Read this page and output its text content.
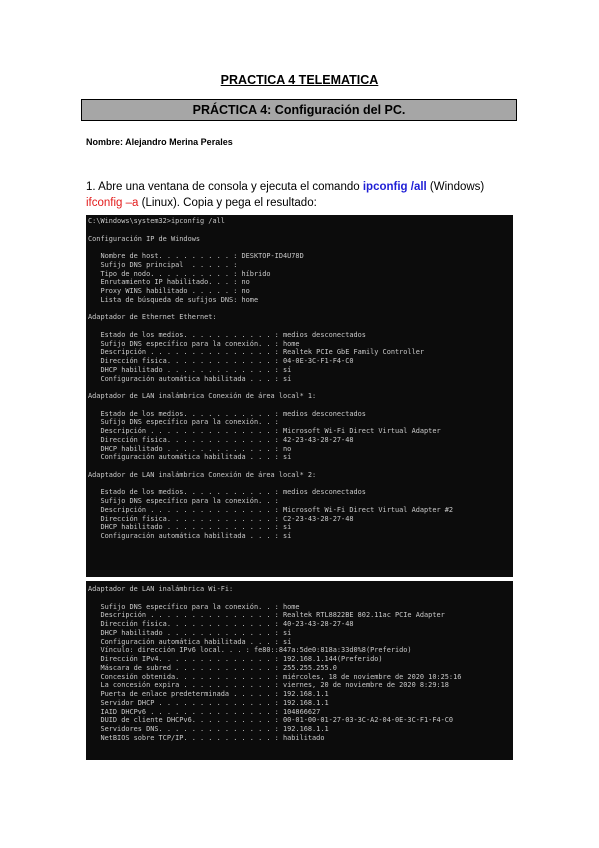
PRACTICA 4 TELEMATICA
PRÁCTICA 4: Configuración del PC.
Nombre: Alejandro Merina Perales
1. Abre una ventana de consola y ejecuta el comando ipconfig /all (Windows) ifconfig –a (Linux). Copia y pega el resultado:
C:\Windows\system32>ipconfig /all
Configuración IP de Windows
Nombre de host. . . . . . . . . : DESKTOP-ID4U78D
Sufijo DNS principal  . . . . . :
Tipo de nodo. . . . . . . . . . : híbrido
Enrutamiento IP habilitado. . . : no
Proxy WINS habilitado . . . . . : no
Lista de búsqueda de sufijos DNS: home
Adaptador de Ethernet Ethernet:
Estado de los medios. . . . . . . . . . . : medios desconectados
Sufijo DNS específico para la conexión. . : home
Descripción . . . . . . . . . . . . . . . : Realtek PCIe GbE Family Controller
Dirección física. . . . . . . . . . . . . : 04-0E-3C-F1-F4-C0
DHCP habilitado . . . . . . . . . . . . . : sí
Configuración automática habilitada . . . : sí
Adaptador de LAN inalámbrica Conexión de área local* 1:
Estado de los medios. . . . . . . . . . . : medios desconectados
Sufijo DNS específico para la conexión. . :
Descripción . . . . . . . . . . . . . . . : Microsoft Wi-Fi Direct Virtual Adapter
Dirección física. . . . . . . . . . . . . : 42-23-43-28-27-48
DHCP habilitado . . . . . . . . . . . . . : no
Configuración automática habilitada . . . : sí
Adaptador de LAN inalámbrica Conexión de área local* 2:
Estado de los medios. . . . . . . . . . . : medios desconectados
Sufijo DNS específico para la conexión. . :
Descripción . . . . . . . . . . . . . . . : Microsoft Wi-Fi Direct Virtual Adapter #2
Dirección física. . . . . . . . . . . . . : C2-23-43-28-27-48
DHCP habilitado . . . . . . . . . . . . . : sí
Configuración automática habilitada . . . : sí
Adaptador de LAN inalámbrica Wi-Fi:
Sufijo DNS específico para la conexión. . : home
Descripción . . . . . . . . . . . . . . . : Realtek RTL8822BE 802.11ac PCIe Adapter
Dirección física. . . . . . . . . . . . . : 40-23-43-28-27-48
DHCP habilitado . . . . . . . . . . . . . : sí
Configuración automática habilitada . . . : sí
Vínculo: dirección IPv6 local. . . : fe80::847a:5de0:818a:33d0%8(Preferido)
Dirección IPv4. . . . . . . . . . . . . . : 192.168.1.144(Preferido)
Máscara de subred . . . . . . . . . . . . : 255.255.255.0
Concesión obtenida. . . . . . . . . . . . : miércoles, 18 de noviembre de 2020 10:25:16
La concesión expira . . . . . . . . . . . : viernes, 20 de noviembre de 2020 8:29:18
Puerta de enlace predeterminada . . . . . : 192.168.1.1
Servidor DHCP . . . . . . . . . . . . . . : 192.168.1.1
IAID DHCPv6 . . . . . . . . . . . . . . . : 104866627
DUID de cliente DHCPv6. . . . . . . . . . : 00-01-00-01-27-03-3C-A2-04-0E-3C-F1-F4-C0
Servidores DNS. . . . . . . . . . . . . . : 192.168.1.1
NetBIOS sobre TCP/IP. . . . . . . . . . . : habilitado
